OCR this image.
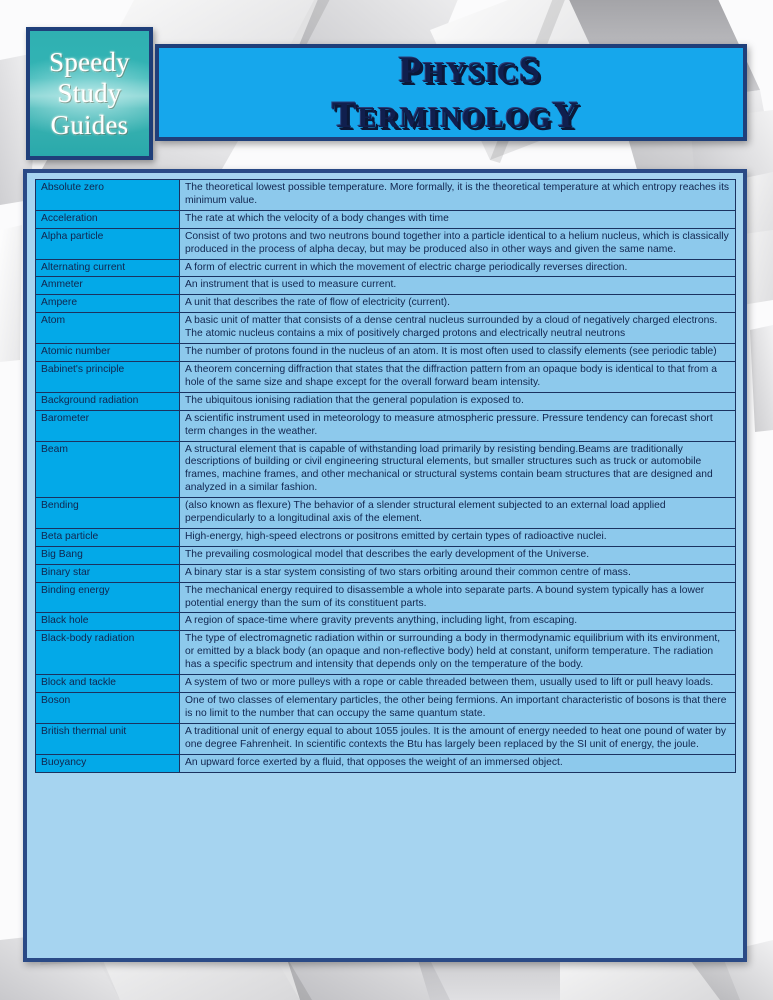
Speedy
Study
Guides
PHYSICS
TERMINOLOGY
Absolute zero	The theoretical lowest possible temperature. More formally, it is the theoretical temperature at which entropy reaches its minimum value.
Acceleration	The rate at which the velocity of a body changes with time
Alpha particle	Consist of two protons and two neutrons bound together into a particle identical to a helium nucleus, which is classically produced in the process of alpha decay, but may be produced also in other ways and given the same name.
Alternating current	A form of electric current in which the movement of electric charge periodically reverses direction.
Ammeter	An instrument that is used to measure current.
Ampere	A unit that describes the rate of flow of electricity (current).
Atom	A basic unit of matter that consists of a dense central nucleus surrounded by a cloud of negatively charged electrons. The atomic nucleus contains a mix of positively charged protons and electrically neutral neutrons
Atomic number	The number of protons found in the nucleus of an atom. It is most often used to classify elements (see periodic table)
Babinet's principle	A theorem concerning diffraction that states that the diffraction pattern from an opaque body is identical to that from a hole of the same size and shape except for the overall forward beam intensity.
Background radiation	The ubiquitous ionising radiation that the general population is exposed to.
Barometer	A scientific instrument used in meteorology to measure atmospheric pressure. Pressure tendency can forecast short term changes in the weather.
Beam	A structural element that is capable of withstanding load primarily by resisting bending.Beams are traditionally descriptions of building or civil engineering structural elements, but smaller structures such as truck or automobile frames, machine frames, and other mechanical or structural systems contain beam structures that are designed and analyzed in a similar fashion.
Bending	(also known as flexure) The behavior of a slender structural element subjected to an external load applied perpendicularly to a longitudinal axis of the element.
Beta particle	High-energy, high-speed electrons or positrons emitted by certain types of radioactive nuclei.
Big Bang	The prevailing cosmological model that describes the early development of the Universe.
Binary star	A binary star is a star system consisting of two stars orbiting around their common centre of mass.
Binding energy	The mechanical energy required to disassemble a whole into separate parts. A bound system typically has a lower potential energy than the sum of its constituent parts.
Black hole	A region of space-time where gravity prevents anything, including light, from escaping.
Black-body radiation	The type of electromagnetic radiation within or surrounding a body in thermodynamic equilibrium with its environment, or emitted by a black body (an opaque and non-reflective body) held at constant, uniform temperature. The radiation has a specific spectrum and intensity that depends only on the temperature of the body.
Block and tackle	A system of two or more pulleys with a rope or cable threaded between them, usually used to lift or pull heavy loads.
Boson	One of two classes of elementary particles, the other being fermions. An important characteristic of bosons is that there is no limit to the number that can occupy the same quantum state.
British thermal unit	A traditional unit of energy equal to about 1055 joules. It is the amount of energy needed to heat one pound of water by one degree Fahrenheit. In scientific contexts the Btu has largely been replaced by the SI unit of energy, the joule.
Buoyancy	An upward force exerted by a fluid, that opposes the weight of an immersed object.
